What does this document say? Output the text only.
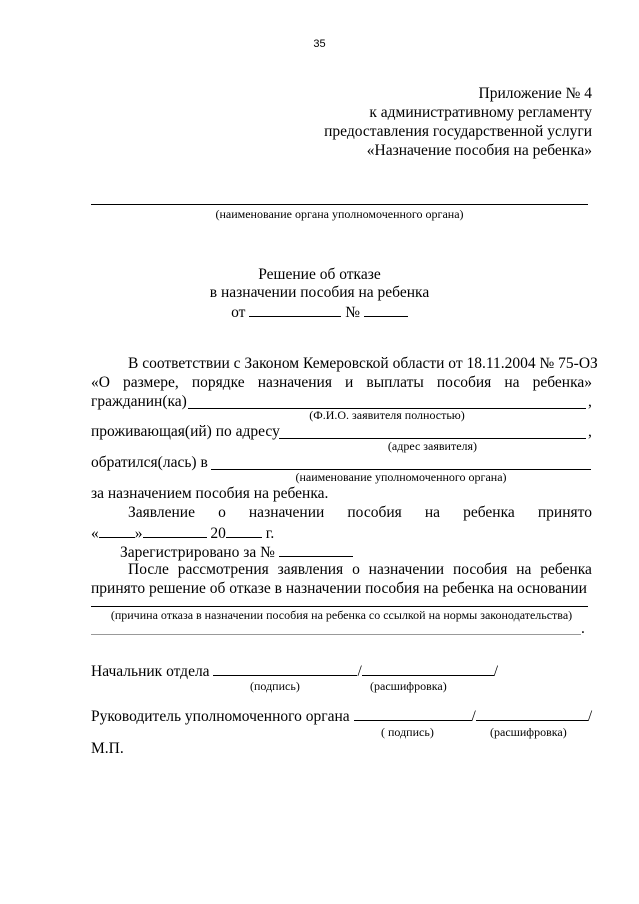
35
Приложение № 4
к административному регламенту
предоставления государственной услуги
«Назначение пособия на ребенка»
(наименование органа уполномоченного органа)
Решение об отказе
в назначении пособия на ребенка
от	№
В соответствии с Законом Кемеровской области от 18.11.2004 № 75-ОЗ
«О размере, порядке назначения и выплаты пособия на ребенка»
гражданин(ка)	,
(Ф.И.О. заявителя полностью)
проживающая(ий) по адресу	,
(адрес заявителя)
обратился(лась) в
(наименование уполномоченного органа)
за назначением пособия на ребенка.
Заявление о назначении пособия на ребенка принято
« »	20	г.
Зарегистрировано за №
После рассмотрения заявления о назначении пособия на ребенка
принято решение об отказе в назначении пособия на ребенка на основании
(причина отказа в назначении пособия на ребенка со ссылкой на нормы законодательства)
.
Начальник отдела	/	/
(подпись)	(расшифровка)
Руководитель уполномоченного органа	/	/
( подпись)	(расшифровка)
М.П.
